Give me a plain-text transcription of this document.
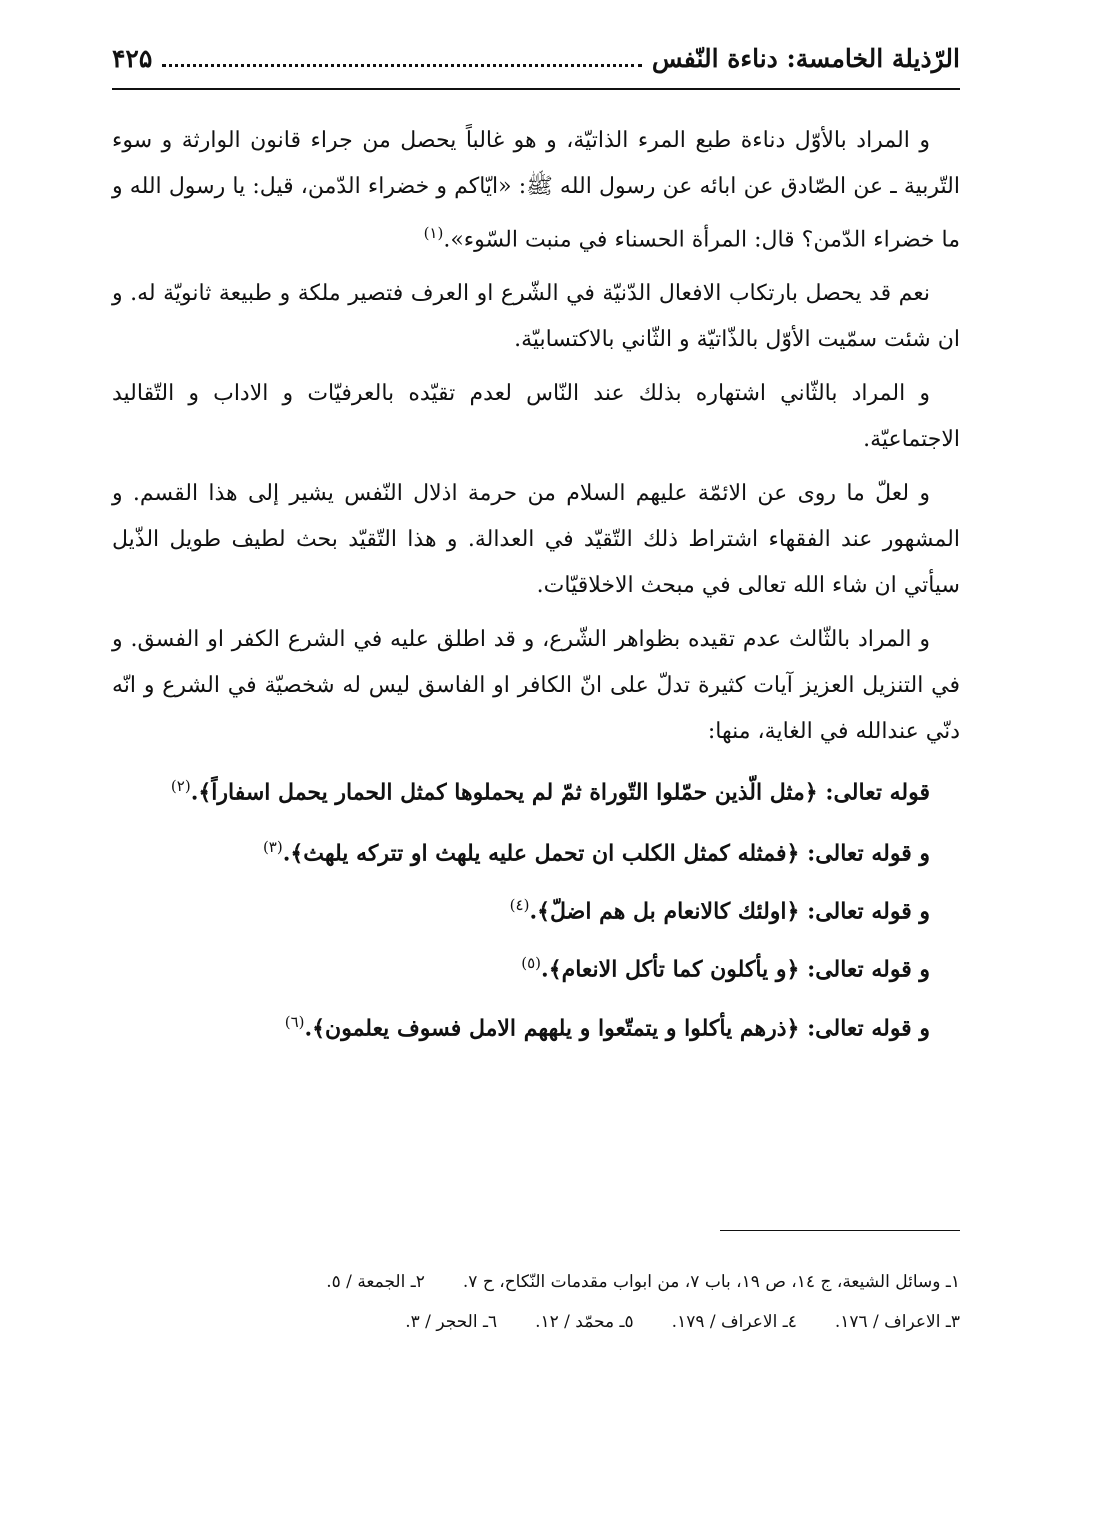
الرّذيلة الخامسة: دناءة النّفس
۴۲۵

و المراد بالأوّل دناءة طبع المرء الذاتيّة، و هو غالباً يحصل من جراء قانون الوارثة و سوء التّربية ـ عن الصّادق عن ابائه عن رسول الله ﷺ: «ايّاكم و خضراء الدّمن، قيل: يا رسول الله و ما خضراء الدّمن؟ قال: المرأة الحسناء في منبت السّوء».$^{(۱)}$

نعم قد يحصل بارتكاب الافعال الدّنيّة في الشّرع او العرف فتصير ملكة و طبيعة ثانويّة له. و ان شئت سمّيت الأوّل بالذّاتيّة و الثّاني بالاكتسابيّة.

و المراد بالثّاني اشتهاره بذلك عند النّاس لعدم تقيّده بالعرفيّات و الاداب و التّقاليد الاجتماعيّة.

و لعلّ ما روى عن الائمّة عليهم السلام من حرمة اذلال النّفس يشير إلى هذا القسم. و المشهور عند الفقهاء اشتراط ذلك التّقيّد في العدالة. و هذا التّقيّد بحث لطيف طويل الذّيل سيأتي ان شاء الله تعالى في مبحث الاخلاقيّات.

و المراد بالثّالث عدم تقيده بظواهر الشّرع، و قد اطلق عليه في الشرع الكفر او الفسق. و في التنزيل العزيز آيات كثيرة تدلّ على انّ الكافر او الفاسق ليس له شخصيّة في الشرع و انّه دنّي عندالله في الغاية، منها:

قوله تعالى: ﴿مثل الّذين حمّلوا التّوراة ثمّ لم يحملوها كمثل الحمار يحمل اسفاراً﴾.$^{(۲)}$

و قوله تعالى: ﴿فمثله كمثل الكلب ان تحمل عليه يلهث او تتركه يلهث﴾.$^{(۳)}$
و قوله تعالى: ﴿اولئك كالانعام بل هم اضلّ﴾.$^{(٤)}$
و قوله تعالى: ﴿و يأكلون كما تأكل الانعام﴾.$^{(٥)}$
و قوله تعالى: ﴿ذرهم يأكلوا و يتمتّعوا و يلههم الامل فسوف يعلمون﴾.$^{(٦)}$
١ـ وسائل الشيعة، ج ١٤، ص ١٩، باب ٧، من ابواب مقدمات النّكاح، ح ٧.
٢ـ الجمعة / ٥.
٣ـ الاعراف / ١٧٦.
٤ـ الاعراف / ١٧٩.
٥ـ محمّد / ١٢.
٦ـ الحجر / ٣.
